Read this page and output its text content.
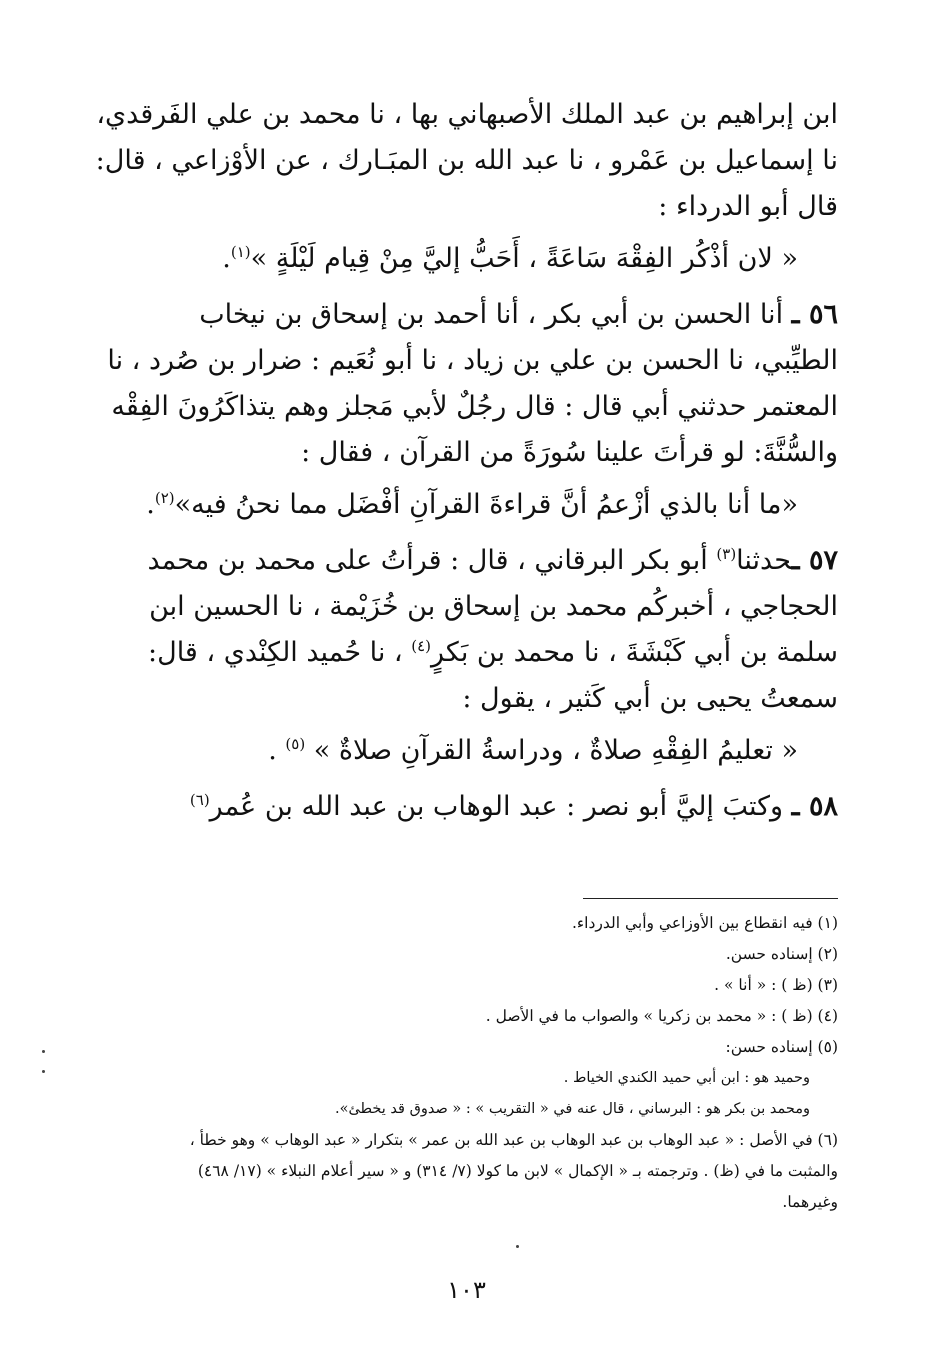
ابن إبراهيم بن عبد الملك الأصبهاني بها ، نا محمد بن علي الفَرقدي،

نا إسماعيل بن عَمْرو ، نا عبد الله بن المبَـارك ، عن الأوْزاعي ، قال:

قال أبو الدرداء :

« لان أذْكُر الفِقْهَ سَاعَةً ، أَحَبُّ إليَّ مِنْ قِيام لَيْلَةٍ »$^{(١)}$.

٥٦ ـ أنا الحسن بن أبي بكر ، أنا أحمد بن إسحاق بن نيخاب

الطيِّبي، نا الحسن بن علي بن زياد ، نا أبو نُعَيم : ضرار بن صُرد ، نا

المعتمر حدثني أبي قال : قال رجُلٌ لأبي مَجلز وهم يتذاكَرُونَ الفِقْه

والسُّنَّةَ: لو قرأتَ علينا سُورَةً من القرآن ، فقال :

«ما أنا بالذي أزْعمُ أنَّ قراءةَ القرآنِ أفْضَل مما نحنُ فيه»$^{(٢)}$.

٥٧ ـحدثنا$^{(٣)}$ أبو بكر البرقاني ، قال : قرأتُ على محمد بن محمد

الحجاجي ، أخبركُم محمد بن إسحاق بن خُزَيْمة ، نا الحسين ابن

سلمة بن أبي كَبْشَةَ ، نا محمد بن بَكرٍ$^{(٤)}$ ، نا حُميد الكِنْدي ، قال:

سمعتُ يحيى بن أبي كَثير ، يقول :

« تعليمُ الفِقْهِ صلاةٌ ، ودراسةُ القرآنِ صلاةٌ » $^{(٥)}$ .

٥٨ ـ وكتبَ إليَّ أبو نصر : عبد الوهاب بن عبد الله بن عُمر$^{(٦)}$

(١) فيه انقطاع بين الأوزاعي وأبي الدرداء.

(٢) إسناده حسن.

(٣) (ظ ) : « أنا » .

(٤) (ظ ) : « محمد بن زكريا » والصواب ما في الأصل .

(٥) إسناده حسن:

وحميد هو : ابن أبي حميد الكندي الخياط .

ومحمد بن بكر هو : البرساني ، قال عنه في « التقريب » : « صدوق قد يخطئ».

(٦) في الأصل : « عبد الوهاب بن عبد الوهاب بن عبد الله بن عمر » بتكرار « عبد الوهاب » وهو خطأ ،

والمثبت ما في (ظ) . وترجمته بـ « الإكمال » لابن ما كولا (٧/ ٣١٤) و « سير أعلام النبلاء » (١٧/ ٤٦٨)

وغيرهما.

١٠٣
